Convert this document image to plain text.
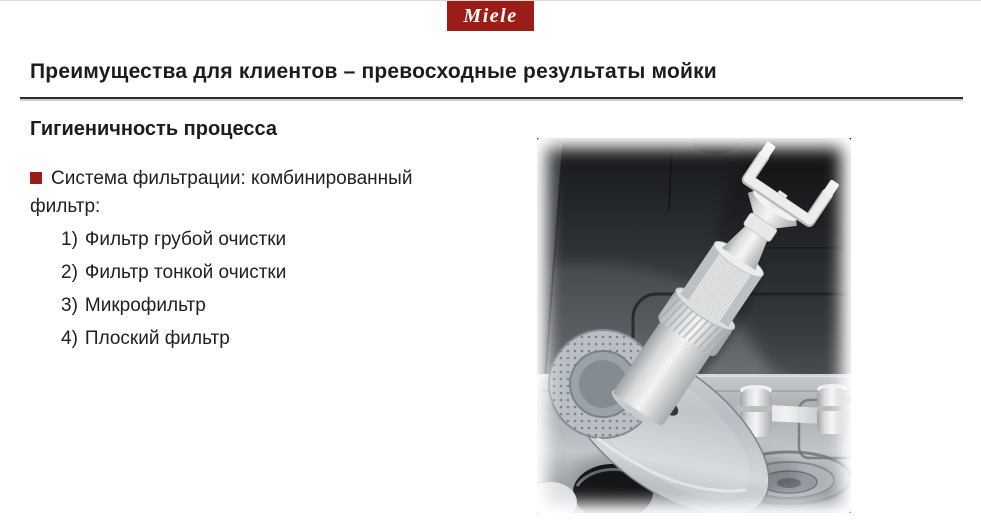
Miele
Преимущества для клиентов – превосходные результаты мойки
Гигиеничность процесса

Система фильтрации: комбинированный фильтр:

1) Фильтр грубой очистки
2) Фильтр тонкой очистки
3) Микрофильтр
4) Плоский фильтр
